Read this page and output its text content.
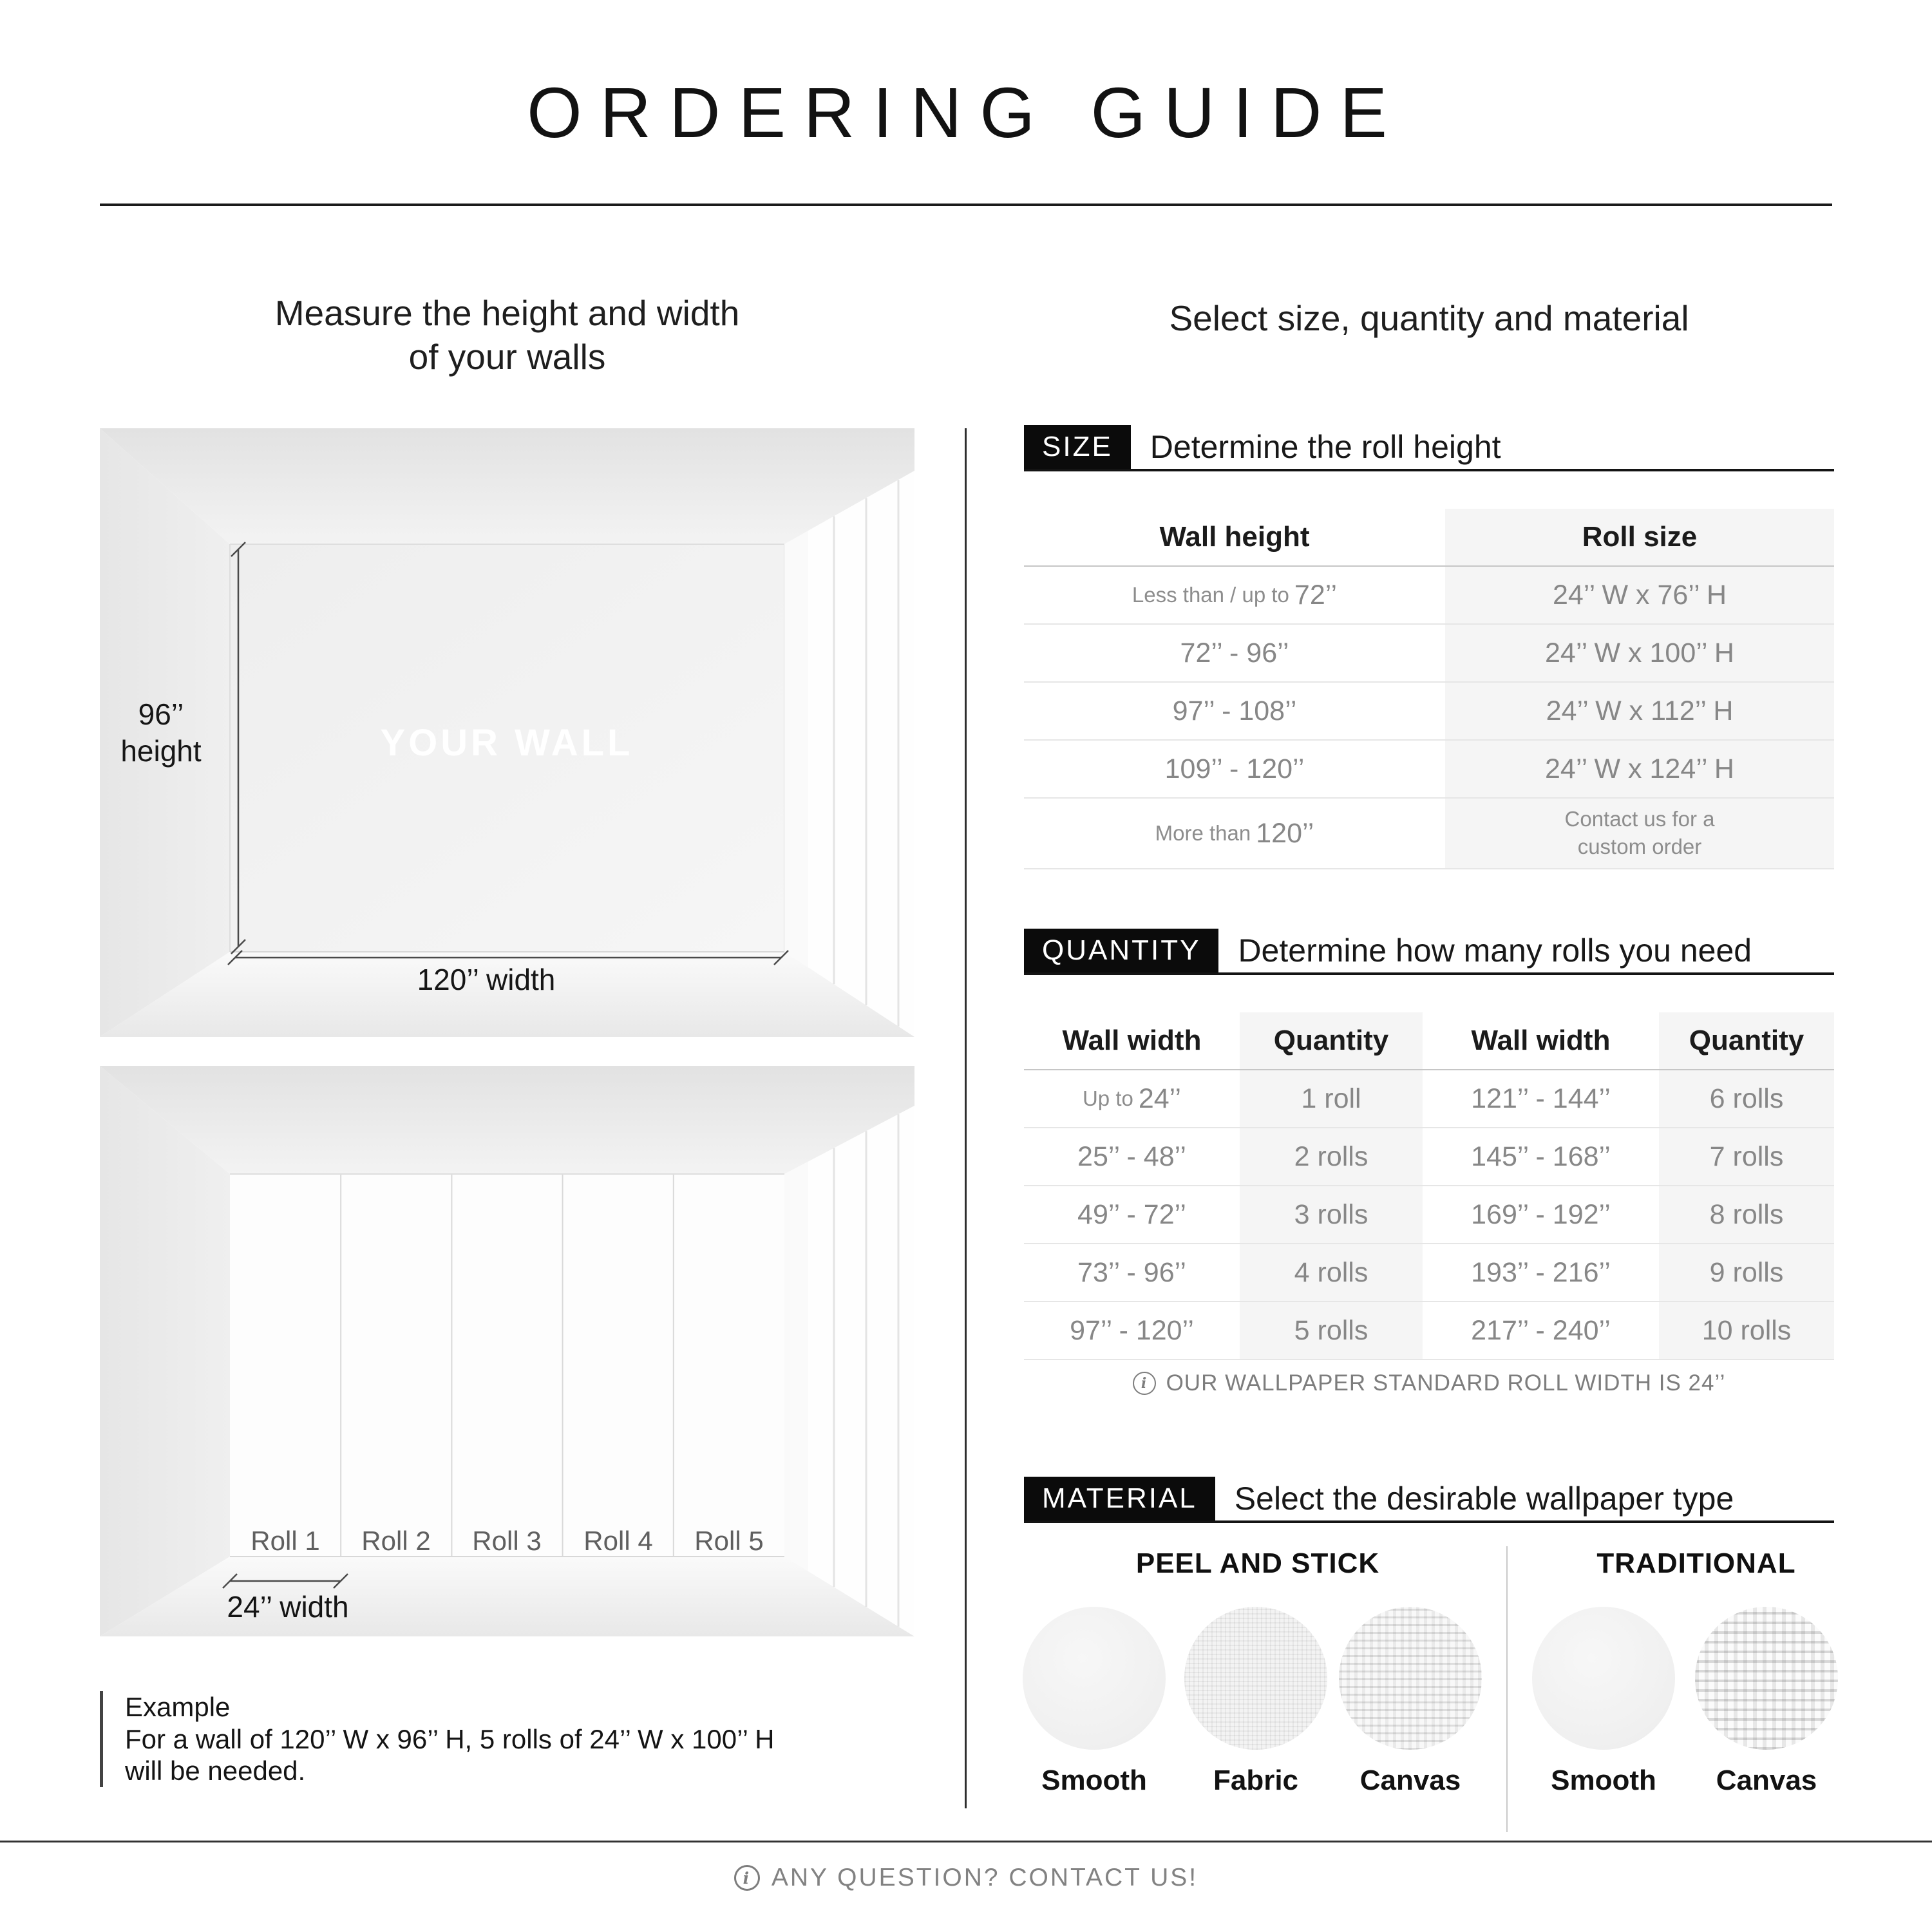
ORDERING GUIDE
Measure the height and width
of your walls
Select size, quantity and material
YOUR WALL
96’’
height
120’’ width
Roll 1 Roll 2 Roll 3 Roll 4 Roll 5
24’’ width
Example
For a wall of 120’’ W x 96’’ H, 5 rolls of 24’’ W x 100’’ H
will be needed.
SIZE	Determine the roll height
Wall height	Roll size
Less than / up to 72’’	24’’ W x 76’’ H
72’’ - 96’’	24’’ W x 100’’ H
97’’ - 108’’	24’’ W x 112’’ H
109’’ - 120’’	24’’ W x 124’’ H
More than 120’’	Contact us for a custom order
QUANTITY	Determine how many rolls you need
Wall width	Quantity	Wall width	Quantity
Up to 24’’	1 roll	121’’ - 144’’	6 rolls
25’’ - 48’’	2 rolls	145’’ - 168’’	7 rolls
49’’ - 72’’	3 rolls	169’’ - 192’’	8 rolls
73’’ - 96’’	4 rolls	193’’ - 216’’	9 rolls
97’’ - 120’’	5 rolls	217’’ - 240’’	10 rolls
i OUR WALLPAPER STANDARD ROLL WIDTH IS 24’’
MATERIAL	Select the desirable wallpaper type
PEEL AND STICK	TRADITIONAL
Smooth Fabric Canvas	Smooth Canvas
i ANY QUESTION? CONTACT US!
